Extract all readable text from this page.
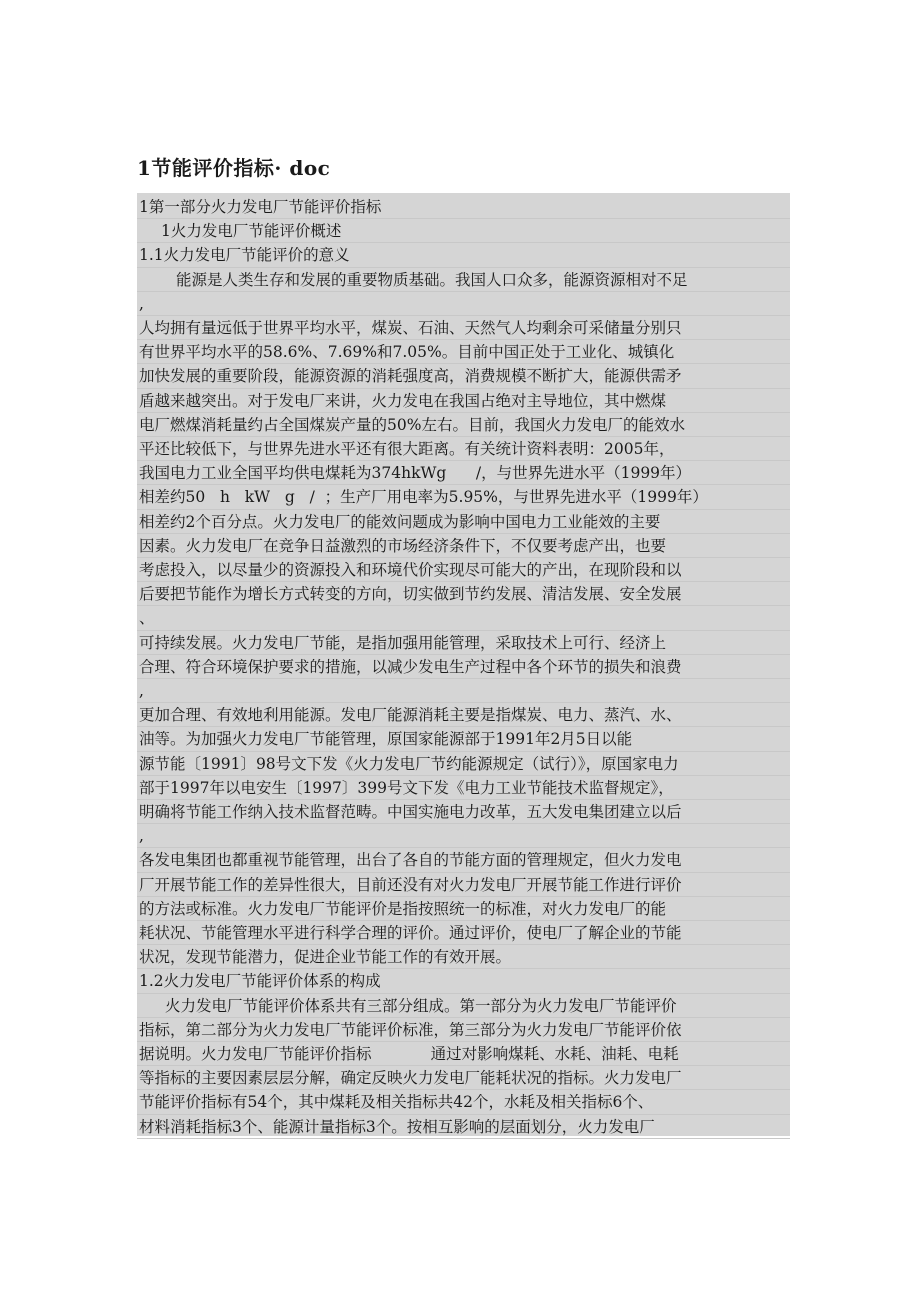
1节能评价指标· doc
1第一部分火力发电厂节能评价指标
1火力发电厂节能评价概述
1.1火力发电厂节能评价的意义
能源是人类生存和发展的重要物质基础。我国人口众多，能源资源相对不足
,
人均拥有量远低于世界平均水平，煤炭、石油、天然气人均剩余可采储量分别只
有世界平均水平的58.6%、7.69%和7.05%。目前中国正处于工业化、城镇化
加快发展的重要阶段，能源资源的消耗强度高，消费规模不断扩大，能源供需矛
盾越来越突出。对于发电厂来讲，火力发电在我国占绝对主导地位，其中燃煤
电厂燃煤消耗量约占全国煤炭产量的50%左右。目前，我国火力发电厂的能效水
平还比较低下，与世界先进水平还有很大距离。有关统计资料表明：2005年，
我国电力工业全国平均供电煤耗为374hkWg      /，与世界先进水平（1999年）
相差约50   h   kW   g   /  ；生产厂用电率为5.95%，与世界先进水平（1999年）
相差约2个百分点。火力发电厂的能效问题成为影响中国电力工业能效的主要
因素。火力发电厂在竞争日益激烈的市场经济条件下，不仅要考虑产出，也要
考虑投入，以尽量少的资源投入和环境代价实现尽可能大的产出，在现阶段和以
后要把节能作为增长方式转变的方向，切实做到节约发展、清洁发展、安全发展
、
可持续发展。火力发电厂节能，是指加强用能管理，采取技术上可行、经济上
合理、符合环境保护要求的措施，以减少发电生产过程中各个环节的损失和浪费
,
更加合理、有效地利用能源。发电厂能源消耗主要是指煤炭、电力、蒸汽、水、
油等。为加强火力发电厂节能管理，原国家能源部于1991年2月5日以能
源节能〔1991〕98号文下发《火力发电厂节约能源规定（试行）》，原国家电力
部于1997年以电安生〔1997〕399号文下发《电力工业节能技术监督规定》，
明确将节能工作纳入技术监督范畴。中国实施电力改革，五大发电集团建立以后
,
各发电集团也都重视节能管理，出台了各自的节能方面的管理规定，但火力发电
厂开展节能工作的差异性很大，目前还没有对火力发电厂开展节能工作进行评价
的方法或标准。火力发电厂节能评价是指按照统一的标准，对火力发电厂的能
耗状况、节能管理水平进行科学合理的评价。通过评价，使电厂了解企业的节能
状况，发现节能潜力，促进企业节能工作的有效开展。
1.2火力发电厂节能评价体系的构成
火力发电厂节能评价体系共有三部分组成。第一部分为火力发电厂节能评价
指标，第二部分为火力发电厂节能评价标准，第三部分为火力发电厂节能评价依
据说明。火力发电厂节能评价指标            通过对影响煤耗、水耗、油耗、电耗
等指标的主要因素层层分解，确定反映火力发电厂能耗状况的指标。火力发电厂
节能评价指标有54个，其中煤耗及相关指标共42个，水耗及相关指标6个、
材料消耗指标3个、能源计量指标3个。按相互影响的层面划分，火力发电厂
